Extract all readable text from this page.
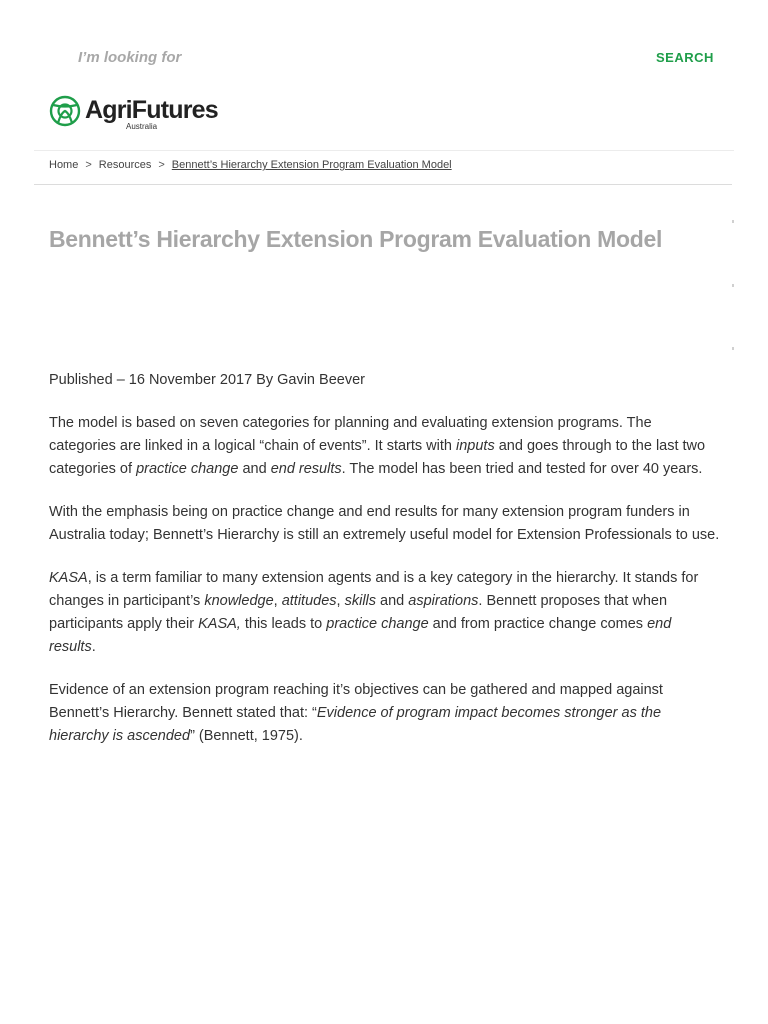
I’m looking for
SEARCH
AgriFutures
Australia
Home > Resources > Bennett’s Hierarchy Extension Program Evaluation Model
Bennett’s Hierarchy Extension Program Evaluation Model
Published – 16 November 2017 By Gavin Beever

The model is based on seven categories for planning and evaluating extension programs. The categories are linked in a logical “chain of events”. It starts with inputs and goes through to the last two categories of practice change and end results. The model has been tried and tested for over 40 years.

With the emphasis being on practice change and end results for many extension program funders in Australia today; Bennett’s Hierarchy is still an extremely useful model for Extension Professionals to use.

KASA, is a term familiar to many extension agents and is a key category in the hierarchy. It stands for changes in participant’s knowledge, attitudes, skills and aspirations. Bennett proposes that when participants apply their KASA, this leads to practice change and from practice change comes end results.

Evidence of an extension program reaching it’s objectives can be gathered and mapped against Bennett’s Hierarchy. Bennett stated that: “Evidence of program impact becomes stronger as the hierarchy is ascended” (Bennett, 1975).
